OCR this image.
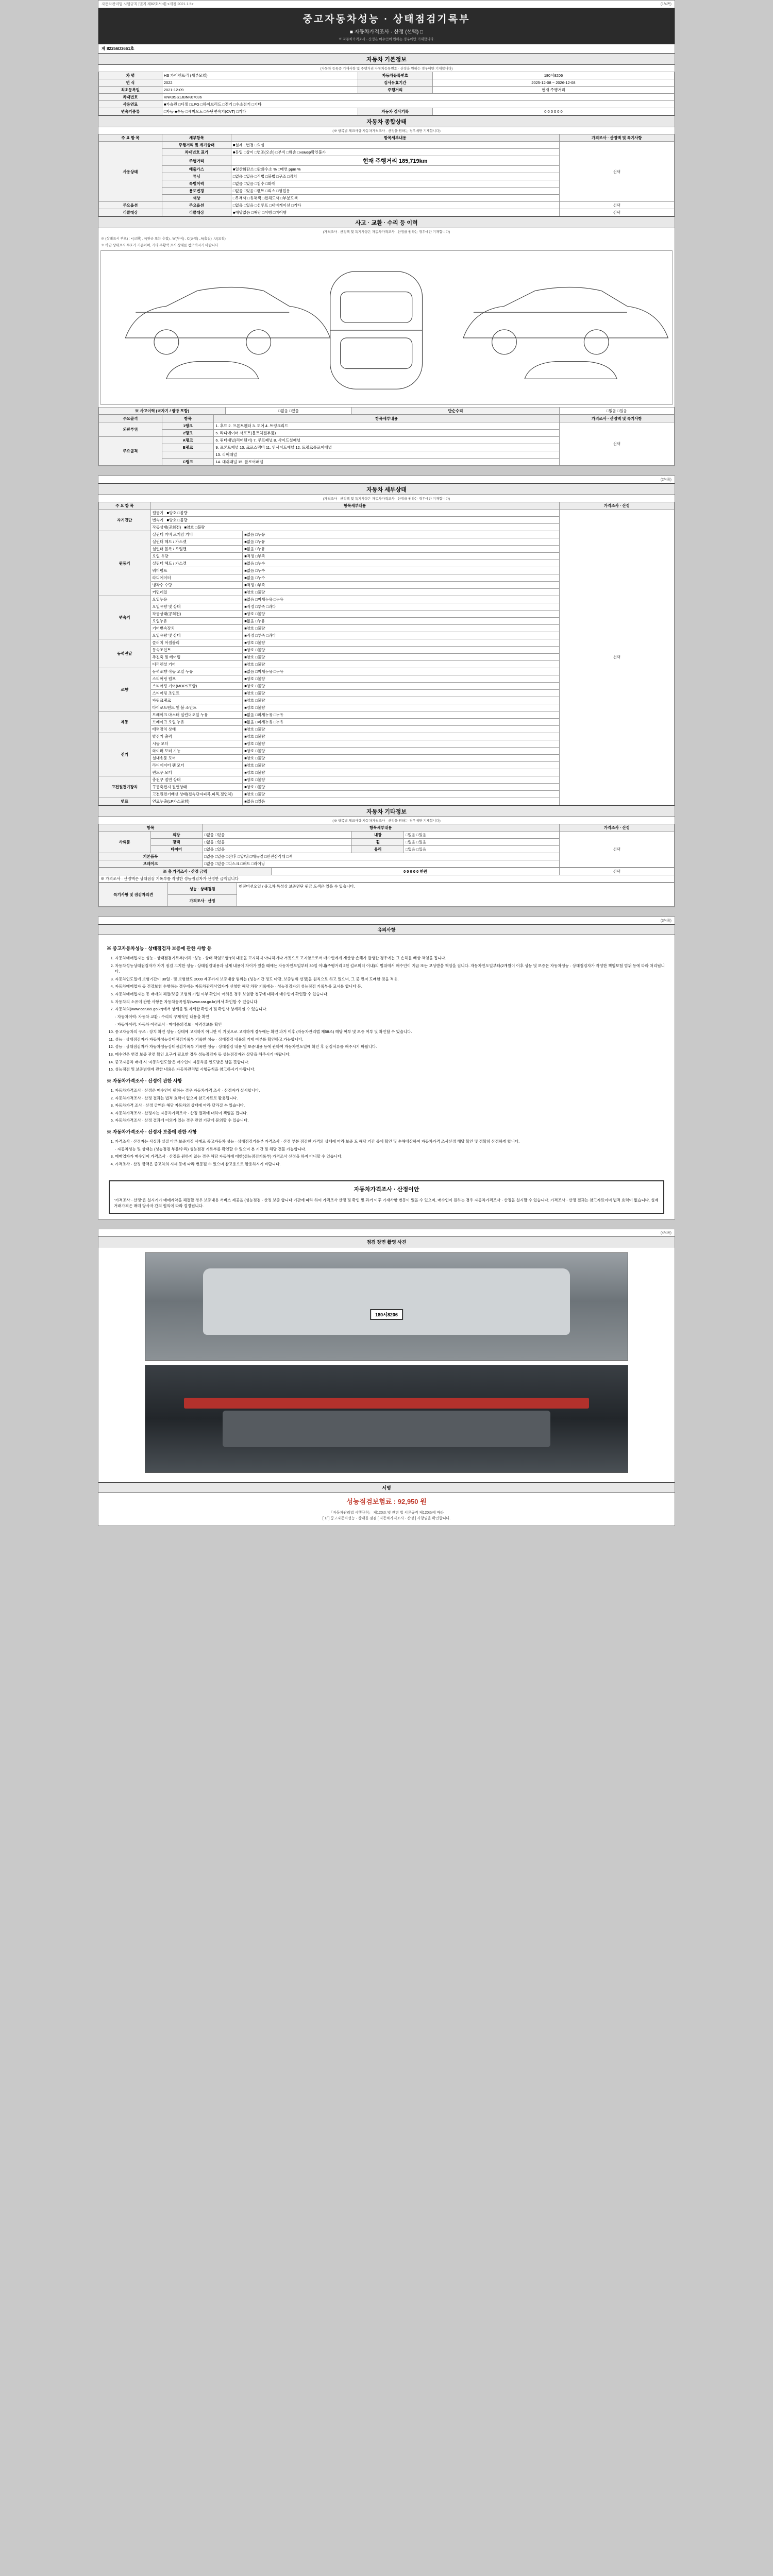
자동차관리법 시행규칙 [별지 제82호서식] <개정 2021.1.5>	(1/4쪽)
중고자동차성능 · 상태점검기록부
■ 자동차가격조사 · 산정 (선택) □
※ 자동차가격조사 · 산정은 매수인이 원하는 경우에만 기재합니다.
제 82256D3661호
자동차 기본정보
(자동차 등록증 기재사항 및 주행거리 자동차등록번호 · 산정을 원하는 경우에만 기재합니다)
차 명	HS 카이엔프리 (세부모델)	자동차등록번호	180서8206
연 식	2022	검사유효기간	2025-12-08 ~ 2026-12-08
최초등록일	2021-12-09	주행거리	현재 주행거리
차대번호	KNK0SS1JBNK07036		
사용연료	■가솔린 □디젤 □LPG □하이브리드 □전기 □수소전기 □기타		
변속기종류	□자동 ■수동 □세미오토 □무단변속기(CVT) □기타	자동차 검사기록	0 0 0 0 0 0
자동차 종합상태
(※ 항목별 체크사항 자동차가격조사 · 산정을 원하는 경우에만 기재합니다)
주 요 항 목	세부항목	항목세부내용	가격조사 · 산정액 및 특기사항
사용상태	주행거리 및 계기상태	■실제 □변경 □의심	선택
	차대번호 표기	■동일 □상이 □변조(오손) □부식 □훼손 □номер확인불가	
	주행거리	현재 주행거리 185,719km	

	배출가스	■일산화탄소 □탄화수소 % □매연 ppm %	
	튜닝	□없음 □있음 □적법 □불법 □구조 □장치	
	특별이력	□없음 □있음 □침수 □화재	
	용도변경	□없음 □있음 □렌트 □리스 □영업용	
	색상	□무채색 □유채색 □전체도색 □부분도색	
주요옵션	주요옵션	□없음 □있음 □선루프 □내비게이션 □기타	선택
리콜대상	리콜대상	■해당없음 □해당 □이행 □미이행	선택
사고 · 교환 · 수리 등 이력
(가격조사 · 산정액 및 특기사항은 자동차가격조사 · 산정을 원하는 경우에만 기재합니다)
※ (상태표시 부호) : ×(교환) , ×(판금 또는 용접) , W(부식) , C(균열) , A(흠집) , U(요철)
※ 하단 상태표시 부호가 기준이며, 기타 주황색 표시 상태를 참조하시기 바랍니다
※ 사고이력 (※자기 / 쌍방 포함)	□없음 □있음	단순수리	□없음 □있음
주요골격	항목	항목세부내용	가격조사 · 산정액 및 특기사항
외판부위	1랭크	1. 후드 2. 프론트휀더 3. 도어 4. 트렁크리드	선택
	2랭크	5. 라디에이터 서포트(볼트체결부품)	
주요골격	A랭크	6. 쿼터패널(리어휀더) 7. 루프패널 8. 사이드실패널	
	B랭크	9. 프론트패널 10. 크로스멤버 11. 인사이드패널 12. 트렁크플로어패널	
		13. 리어패널	
	C랭크	14. 대쉬패널 15. 플로어패널	
(2/4쪽)
자동차 세부상태
(가격조사 · 산정액 및 특기사항은 자동차가격조사 · 산정을 원하는 경우에만 기재합니다)
주 요 항 목	항목세부내용		가격조사 · 산정
자기진단	원동기 ■양호 □불량		선택
	변속기 ■양호 □불량		
	작동상태(공회전) ■양호 □불량		
원동기	실린더 커버 로커암 커버	■없음 □누유	
	실린더 헤드 / 가스켓	■없음 □누유	
	실린더 블록 / 오일팬	■없음 □누유	
	오일 유량	■적정 □부족	
	실린더 헤드 / 가스켓	■없음 □누수	
	워터펌프	■없음 □누수	
	라디에이터	■없음 □누수	
	냉각수 수량	■적정 □부족	
	커먼레일	■양호 □불량	
변속기	오일누유	■없음 □미세누유 □누유	
	오일유량 및 상태	■적정 □부족 □과다	
	작동상태(공회전)	■양호 □불량	
	오일누유	■없음 □누유	
	기어변속장치	■양호 □불량	
	오일유량 및 상태	■적정 □부족 □과다	
동력전달	클러치 어셈블리	■양호 □불량	
	등속조인트	■양호 □불량	
	추진축 및 베어링	■양호 □불량	
	디퍼렌셜 기어	■양호 □불량	
조향	동력조향 작동 오일 누유	■없음 □미세누유 □누유	
	스티어링 펌프	■양호 □불량	
	스티어링 기어(MDPS포함)	■양호 □불량	
	스티어링 조인트	■양호 □불량	
	파워크랭크	■양호 □불량	
	타이로드엔드 및 볼 조인트	■양호 □불량	
제동	브레이크 마스터 실린더오일 누유	■없음 □미세누유 □누유	
	브레이크 오일 누유	■없음 □미세누유 □누유	
	배력장치 상태	■양호 □불량	
전기	발전기 출력	■양호 □불량	
	시동 모터	■양호 □불량	
	와이퍼 모터 기능	■양호 □불량	
	실내송풍 모터	■양호 □불량	
	라디에이터 팬 모터	■양호 □불량	
	윈도우 모터	■양호 □불량	
고전원전기장치	충전구 절연 상태	■양호 □불량	
	구동축전지 절연상태	■양호 □불량	
	고전원전기배선 상태(접속단자피복,피복,절연체)	■양호 □불량	
연료	연료누출(LP가스포함)	■없음 □있음	
자동차 기타정보
(※ 항목별 체크사항 자동차가격조사 · 산정을 원하는 경우에만 기재합니다)
항목		항목세부내용			가격조사 · 산정
사외품	외장	□없음 □있음	내장	□없음 □있음	선택
	광택	□없음 □있음	휠	□없음 □있음	
	타이어	□없음 □있음	유리	□없음 □있음	
기본품목		□없음 □있음 □전/후 □앞/뒤 □매뉴얼 □안전삼각대 □잭			
브레이크		□없음 □있음 □디스크 □패드 □라이닝			
※ 총 가격조사 · 산정 금액	0 0 0 0 0 천원	선택
※ 가격조사 · 산정액은 상태점검 기록부를 작성한 성능점검자가 산정한 금액입니다
특기사항 및 점검자의견	성능 · 상태점검	엔진미션오일 / 중고차 특성상 보증면단 원금 도색은 있을 수 있습니다.
가격조사 · 산정
(3/4쪽)
유의사항
※ 중고자동차성능 · 상태점검자 보증에 관한 사항 등
1. 자동차매매업자는 성능 · 상태점검기록부(이하 "성능 · 상태 책임보험")의 내용을 고지하지 아니하거나 거짓으로 고지함으로써 매수인에게 재산상 손해가 발생한 경우에는 그 손해를 배상 책임을 집니다.
2. 자동차성능상태점검자가 자기 점검 고지한 성능 · 상태점검내용과 실제 내용에 차이가 있을 때에는 자동차인도일부터 30일 이내(주행거리 2천 킬로미터 이내)의 범위에서 매수인이 지급 또는 보상받을 책임을 집니다. 자동차인도일부터(2개월이 이후 성능 및 보증은 자동차성능 · 상태점검자가 작성한 책임보험 범위 등에 따라 처리됩니다.
3. 자동차인도일에 보험기간이 30일 · 및 보험한도 2000 제공까지 보증대상 범위는 (성능기간 정도 마감, 보증범위 선정)을 원칙으로 하고 있으며, 그 중 먼저 도래한 것을 적용.
4. 자동차매매업자 등 건강보험 수행하는 경우에는 자동차관리사업자가 신청한 해당 차량 기록에는 · 성능점검자의 성능점검 기록부를 교시를 합니다 등.
5. 자동차매매업자는 동 매매의 체결/보증 보험의 가입 여부 확인이 어려운 경우 보험금 청구에 대하여 매수인이 확인할 수 있습니다.
6. 자동차의 소유에 관한 사항은 자동차등록원부(www.car.go.kr)에서 확인할 수 있습니다.
7. 자동차의(www.car365.go.kr)에서 상세를 및 자세한 확인이 및 확인사 상세하실 수 있습니다.
· 자동차이력: 자동차 교환 · 수리의 구체적인 내용을 확인
· 자동차이력: 자동차 이력조사 · 매매품의정보 · 이력정보를 확인
10. 중고자동차의 구조 · 장치 확인 성능 · 상태에 고지하지 아니한 이 거짓으로 고지하게 경우에는 확인 과거 이후 (자동차관리법 제58조) 해당 여부 및 보증 여부 및 확인할 수 있습니다.
11. 성능 · 상태점검자가 자동차성능상태점검기록부 기록한 성능 · 상태점검 내용의 기재 여부를 확인하고 가능합니다.
12. 성능 · 상태점검자가 자동차성능상태점검기록부 기록한 성능 · 상태점검 내용 및 보증내용 등에 관하여 자동차인도일에 확인 후 점검서류를 해주시기 바랍니다.
13. 매수인은 연결 보증 관련 확인 요구가 필요한 경우 성능점검자 등 성능점검자와 상담을 해주시기 바랍니다.
14. 중고자동차 매매 시 '자동차인도일'은 매수인이 자동차를 인도받은 날을 뜻합니다.
15. 성능점검 및 보증범위에 관한 내용은 자동차관리법 시행규칙을 참고하시기 바랍니다.
※ 자동차가격조사 · 산정에 관한 사항
1. 자동차가격조사 · 산정은 매수인이 원하는 경우 자동차가격 조사 · 산정자가 실시합니다.
2. 자동차가격조사 · 산정 결과는 법적 효력이 없으며 참고자료로 활용됩니다.
3. 자동차가격 조사 · 산정 금액은 해당 자동차의 상태에 따라 달라질 수 있습니다.
4. 자동차가격조사 · 산정자는 자동차가격조사 · 산정 결과에 대하여 책임을 집니다.
5. 자동차가격조사 · 산정 결과에 이의가 있는 경우 관련 기관에 문의할 수 있습니다.
※ 자동차가격조사 · 산정자 보증에 관한 사항
1. 가격조사 · 산정자는 사실과 실질 다른 보증거짓 사례로 중고자동차 성능 · 상태점검기록부 가격조사 · 산정 부분 점검한 가격의 상세에 따라 보증 도 해당 기간 중에 확인 및 손해배상하여 자동차가격 조사산정 해당 확인 및 정확히 산정하게 합니다.
· 자동차성능 및 상태는 (성능점검 부품/수리) 성능점검 기록부를 확인할 수 있으며 본 기간 및 해당 건물 가능합니다.
3. 매매업자가 매수인이 가격조사 · 산정을 원하지 않는 경우 해당 자동차에 대한(성능점검기록부) 가격조사 산정을 하지 아니할 수 있습니다.
4. 가격조사 · 산정 금액은 중고차의 시세 등에 따라 변동될 수 있으며 참고용으로 활용하시기 바랍니다.
자동차가격조사 · 산정이안
"가격조사 · 산정"은 실시기가 매매계약을 체결할 경우 보증내용 서비스 제공을 (성능점검 · 산정 보증 합니다 기관에 따라 하여 가격조사 산정 및 확인 및 과거 이후 기재사항 변동이 있을 수 있으며, 매수인이 원하는 경우 자동차가격조사 · 산정을 실시할 수 있습니다. 가격조사 · 산정 결과는 참고자료이며 법적 효력이 없습니다. 실제 거래가격은 매매 당사자 간의 협의에 따라 결정됩니다.
(4/4쪽)
점검 장면 촬영 사진
180서8206
서명
성능점검보험료 : 92,950 원
「자동차관리법 시행규칙」 제120조 및 관련 법 서류규격 제120조에 따라
[ 1/ ] 중고자동차성능 · 상태를 점검 [ 자동차가격조사 · 산정 ] 사항임을 확인합니다.
